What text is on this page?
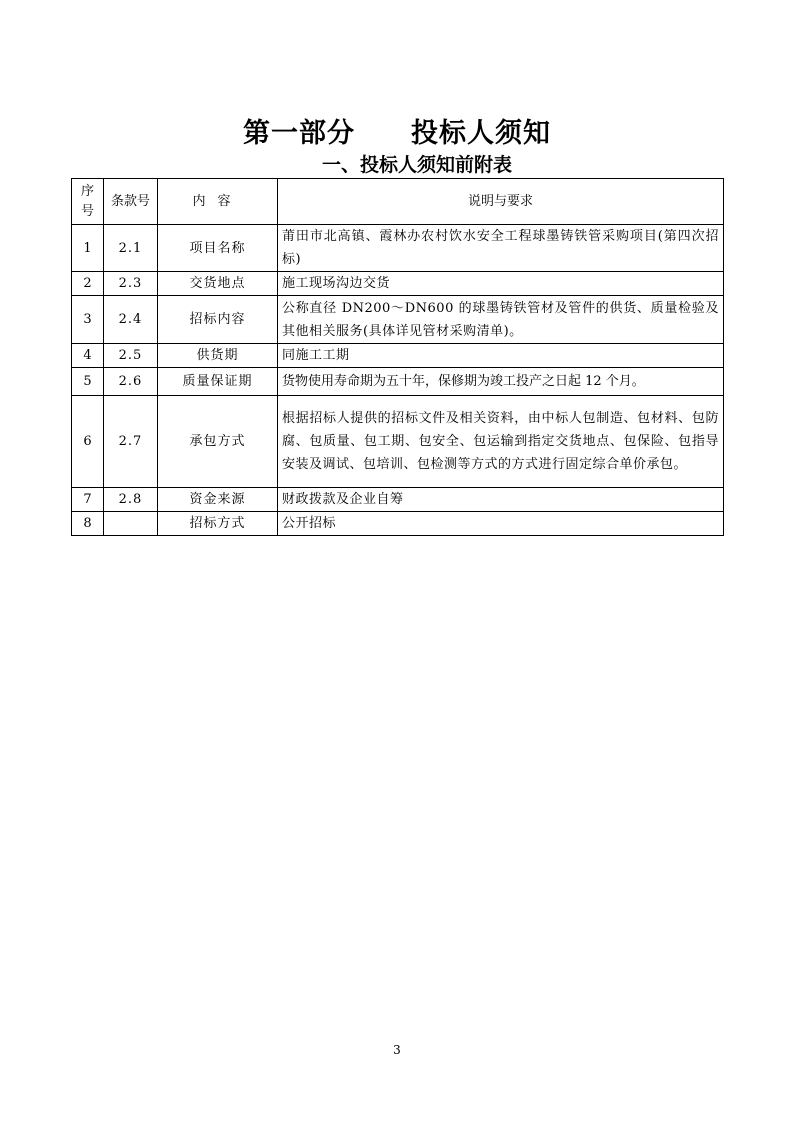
第一部分　　投标人须知
一、投标人须知前附表
序号	条款号	内容	说明与要求
1	2.1	项目名称	莆田市北高镇、霞林办农村饮水安全工程球墨铸铁管采购项目(第四次招标)
2	2.3	交货地点	施工现场沟边交货
3	2.4	招标内容	公称直径 DN200～DN600 的球墨铸铁管材及管件的供货、质量检验及其他相关服务(具体详见管材采购清单)。
4	2.5	供货期	同施工工期
5	2.6	质量保证期	货物使用寿命期为五十年，保修期为竣工投产之日起 12 个月。
6	2.7	承包方式	根据招标人提供的招标文件及相关资料，由中标人包制造、包材料、包防腐、包质量、包工期、包安全、包运输到指定交货地点、包保险、包指导安装及调试、包培训、包检测等方式的方式进行固定综合单价承包。
7	2.8	资金来源	财政拨款及企业自筹
8		招标方式	公开招标
3
